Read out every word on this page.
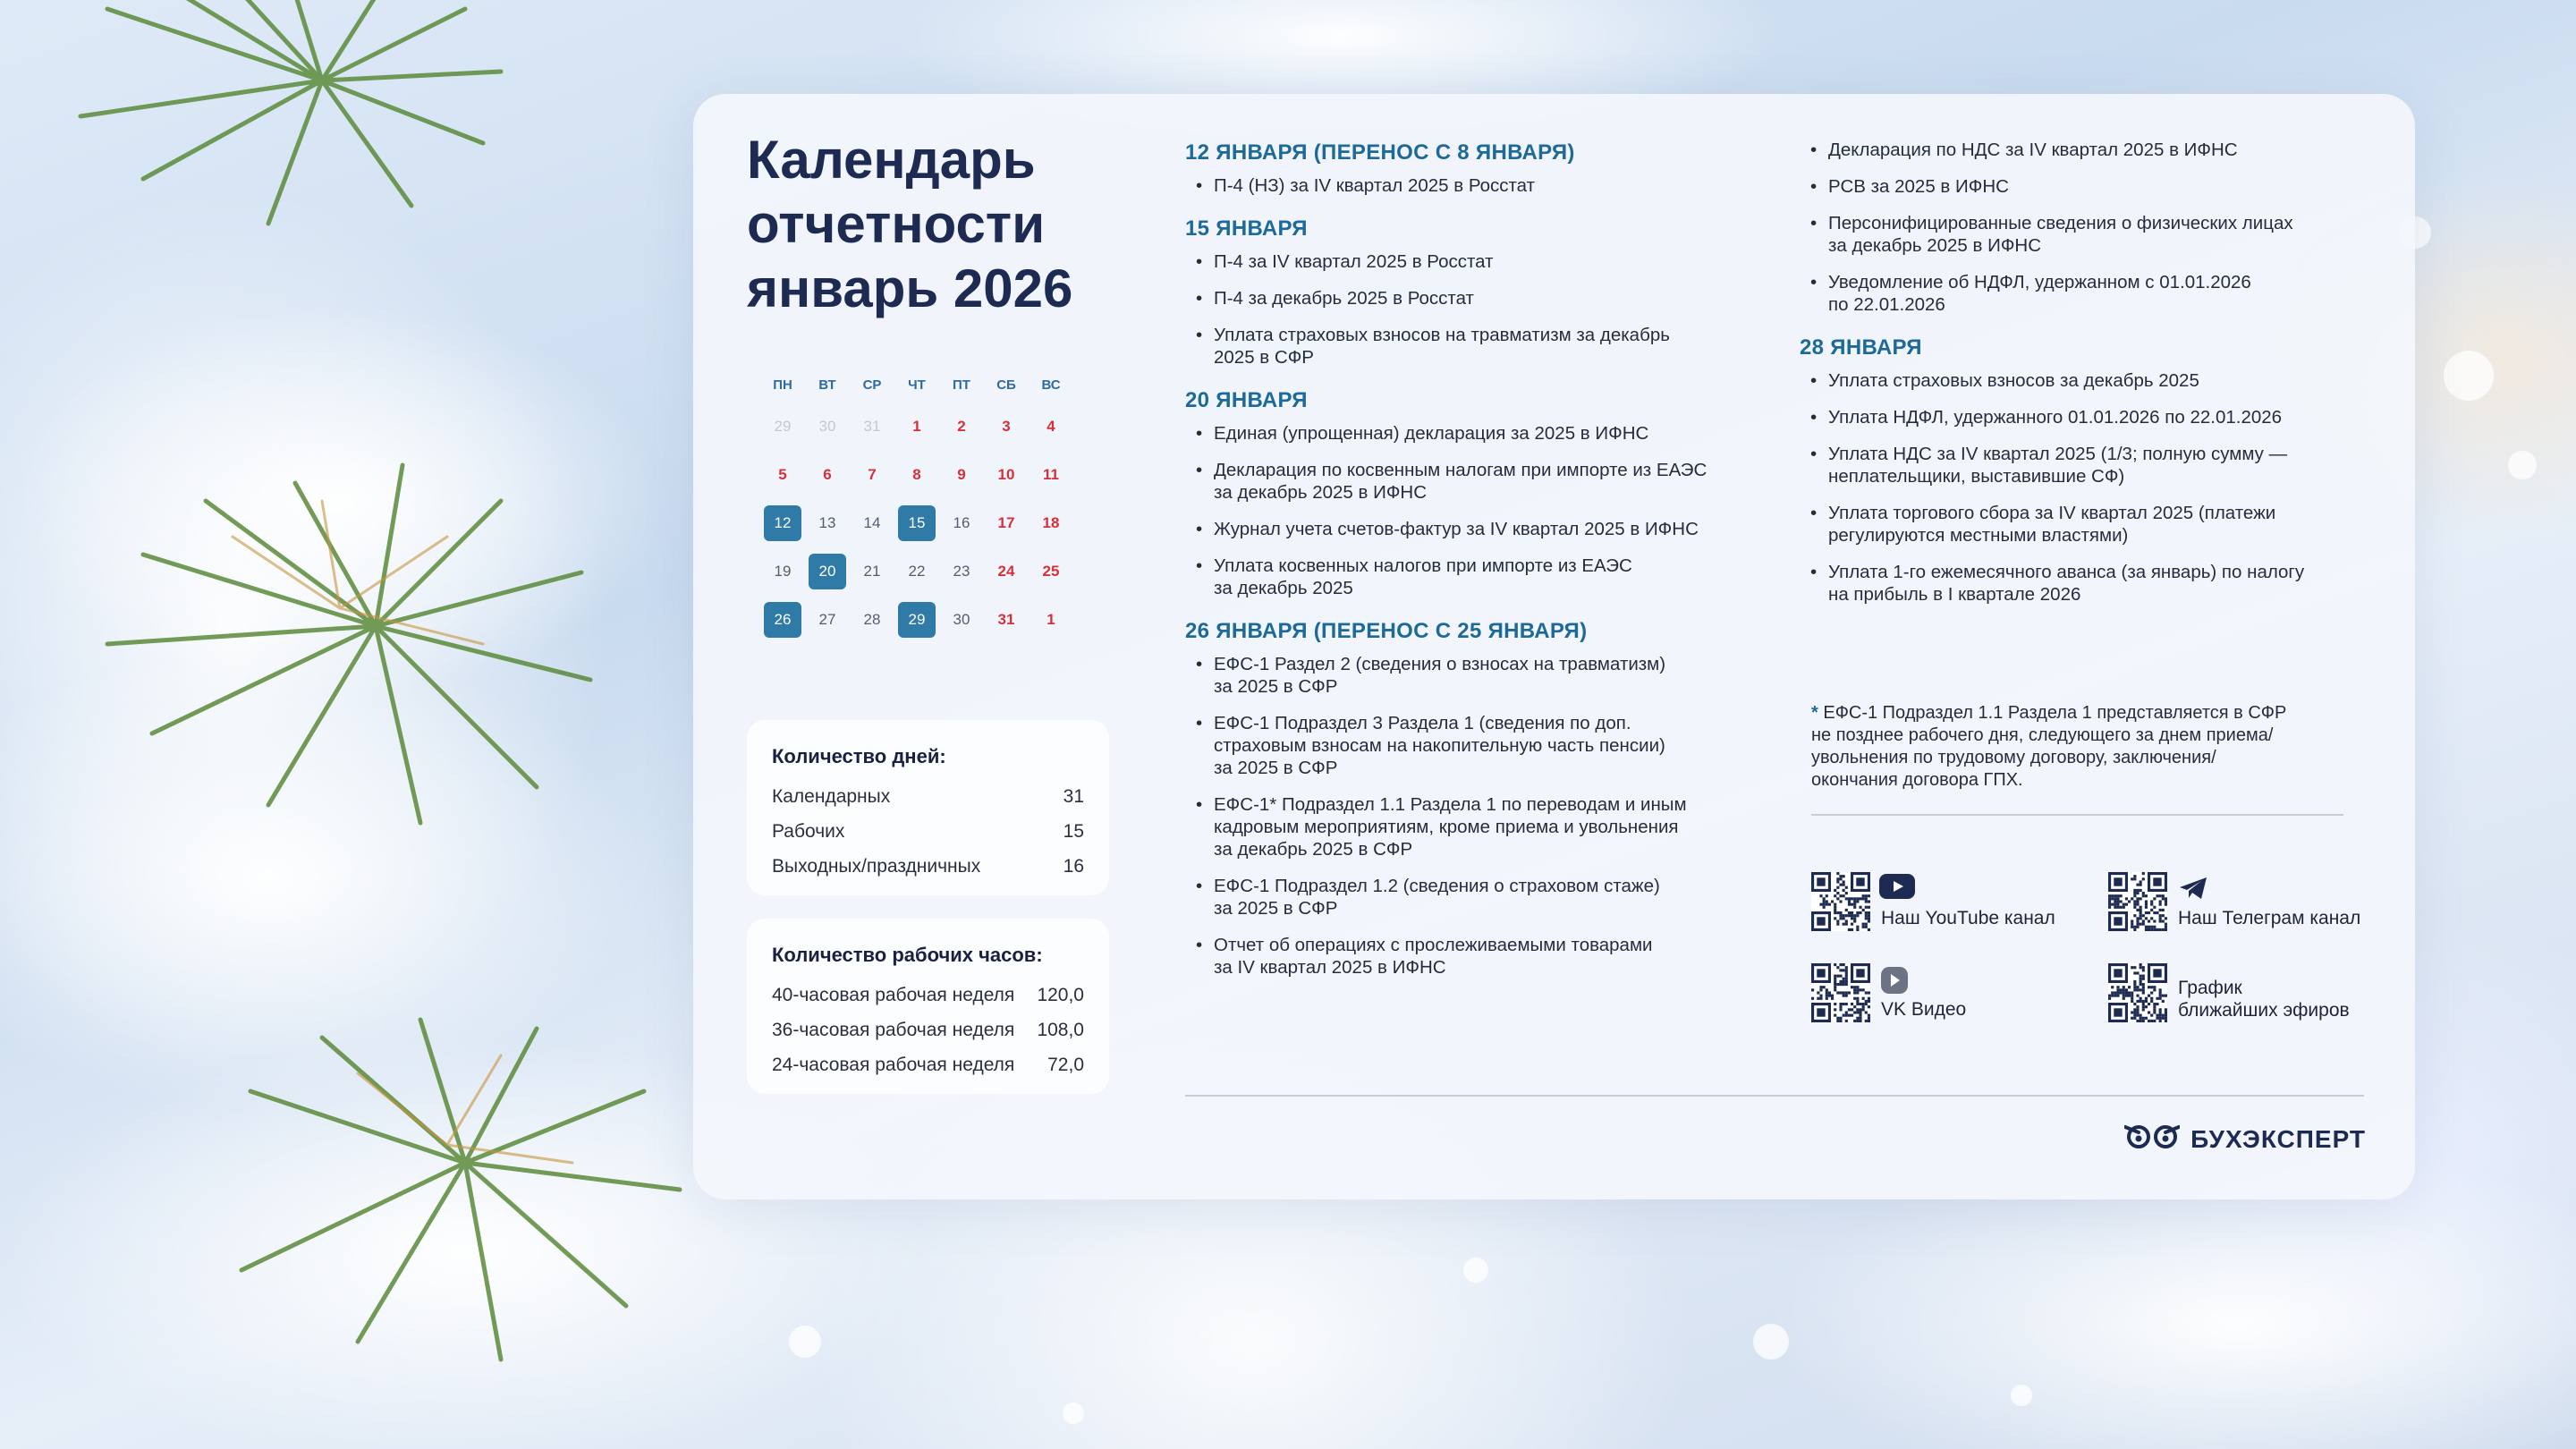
Календарь
отчетности
январь 2026
ПН	ВТ	СР	ЧТ	ПТ	СБ	ВС
29	30	31	1	2	3	4
5	6	7	8	9	10	11
12	13	14	15	16	17	18
19	20	21	22	23	24	25
26	27	28	29	30	31	1
Количество дней:
Календарных	31
Рабочих	15
Выходных/праздничных	16
Количество рабочих часов:
40-часовая рабочая неделя 120,0
36-часовая рабочая неделя 108,0
24-часовая рабочая неделя 72,0
12 ЯНВАРЯ (ПЕРЕНОС С 8 ЯНВАРЯ)
• П-4 (НЗ) за IV квартал 2025 в Росстат
15 ЯНВАРЯ
• П-4 за IV квартал 2025 в Росстат
• П-4 за декабрь 2025 в Росстат
• Уплата страховых взносов на травматизм за декабрь
2025 в СФР
20 ЯНВАРЯ
• Единая (упрощенная) декларация за 2025 в ИФНС
• Декларация по косвенным налогам при импорте из ЕАЭС
за декабрь 2025 в ИФНС
• Журнал учета счетов-фактур за IV квартал 2025 в ИФНС
• Уплата косвенных налогов при импорте из ЕАЭС
за декабрь 2025
26 ЯНВАРЯ (ПЕРЕНОС С 25 ЯНВАРЯ)
• ЕФС-1 Раздел 2 (сведения о взносах на травматизм)
за 2025 в СФР
• ЕФС-1 Подраздел 3 Раздела 1 (сведения по доп.
страховым взносам на накопительную часть пенсии)
за 2025 в СФР
• ЕФС-1* Подраздел 1.1 Раздела 1 по переводам и иным
кадровым мероприятиям, кроме приема и увольнения
за декабрь 2025 в СФР
• ЕФС-1 Подраздел 1.2 (сведения о страховом стаже)
за 2025 в СФР
• Отчет об операциях с прослеживаемыми товарами
за IV квартал 2025 в ИФНС
• Декларация по НДС за IV квартал 2025 в ИФНС
• РСВ за 2025 в ИФНС
• Персонифицированные сведения о физических лицах
за декабрь 2025 в ИФНС
• Уведомление об НДФЛ, удержанном с 01.01.2026
по 22.01.2026
28 ЯНВАРЯ
• Уплата страховых взносов за декабрь 2025
• Уплата НДФЛ, удержанного 01.01.2026 по 22.01.2026
• Уплата НДС за IV квартал 2025 (1/3; полную сумму —
неплательщики, выставившие СФ)
• Уплата торгового сбора за IV квартал 2025 (платежи
регулируются местными властями)
• Уплата 1-го ежемесячного аванса (за январь) по налогу
на прибыль в I квартале 2026
* ЕФС-1 Подраздел 1.1 Раздела 1 представляется в СФР
не позднее рабочего дня, следующего за днем приема/
увольнения по трудовому договору, заключения/
окончания договора ГПХ.
Наш YouTube канал	Наш Телеграм канал
VK Видео
График
ближайших эфиров
БУХЭКСПЕРТ
